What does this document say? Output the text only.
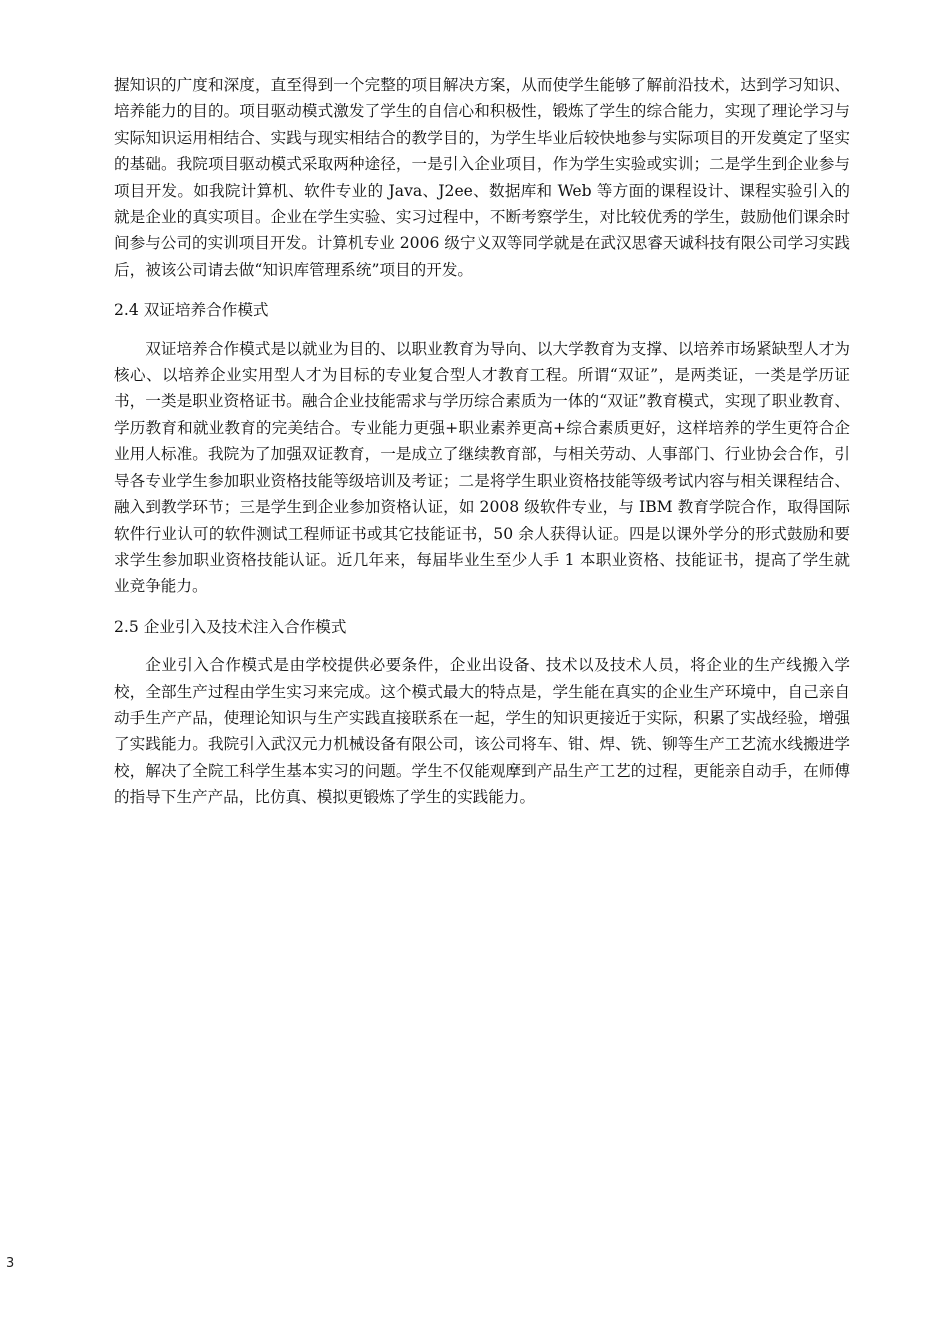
握知识的广度和深度，直至得到一个完整的项目解决方案，从而使学生能够了解前沿技术，达到学习知识、培养能力的目的。项目驱动模式激发了学生的自信心和积极性，锻炼了学生的综合能力，实现了理论学习与实际知识运用相结合、实践与现实相结合的教学目的，为学生毕业后较快地参与实际项目的开发奠定了坚实的基础。我院项目驱动模式采取两种途径，一是引入企业项目，作为学生实验或实训；二是学生到企业参与项目开发。如我院计算机、软件专业的 Java、J2ee、数据库和 Web 等方面的课程设计、课程实验引入的就是企业的真实项目。企业在学生实验、实习过程中，不断考察学生，对比较优秀的学生，鼓励他们课余时间参与公司的实训项目开发。计算机专业 2006 级宁义双等同学就是在武汉思睿天诚科技有限公司学习实践后，被该公司请去做“知识库管理系统”项目的开发。

2.4 双证培养合作模式

双证培养合作模式是以就业为目的、以职业教育为导向、以大学教育为支撑、以培养市场紧缺型人才为核心、以培养企业实用型人才为目标的专业复合型人才教育工程。所谓“双证”，是两类证，一类是学历证书，一类是职业资格证书。融合企业技能需求与学历综合素质为一体的“双证”教育模式，实现了职业教育、学历教育和就业教育的完美结合。专业能力更强+职业素养更高+综合素质更好，这样培养的学生更符合企业用人标准。我院为了加强双证教育，一是成立了继续教育部，与相关劳动、人事部门、行业协会合作，引导各专业学生参加职业资格技能等级培训及考证；二是将学生职业资格技能等级考试内容与相关课程结合、融入到教学环节；三是学生到企业参加资格认证，如 2008 级软件专业，与 IBM 教育学院合作，取得国际软件行业认可的软件测试工程师证书或其它技能证书，50 余人获得认证。四是以课外学分的形式鼓励和要求学生参加职业资格技能认证。近几年来，每届毕业生至少人手 1 本职业资格、技能证书，提高了学生就业竞争能力。

2.5 企业引入及技术注入合作模式

企业引入合作模式是由学校提供必要条件，企业出设备、技术以及技术人员，将企业的生产线搬入学校，全部生产过程由学生实习来完成。这个模式最大的特点是，学生能在真实的企业生产环境中，自己亲自动手生产产品，使理论知识与生产实践直接联系在一起，学生的知识更接近于实际，积累了实战经验，增强了实践能力。我院引入武汉元力机械设备有限公司，该公司将车、钳、焊、铣、铆等生产工艺流水线搬进学校，解决了全院工科学生基本实习的问题。学生不仅能观摩到产品生产工艺的过程，更能亲自动手，在师傅的指导下生产产品，比仿真、模拟更锻炼了学生的实践能力。

3
